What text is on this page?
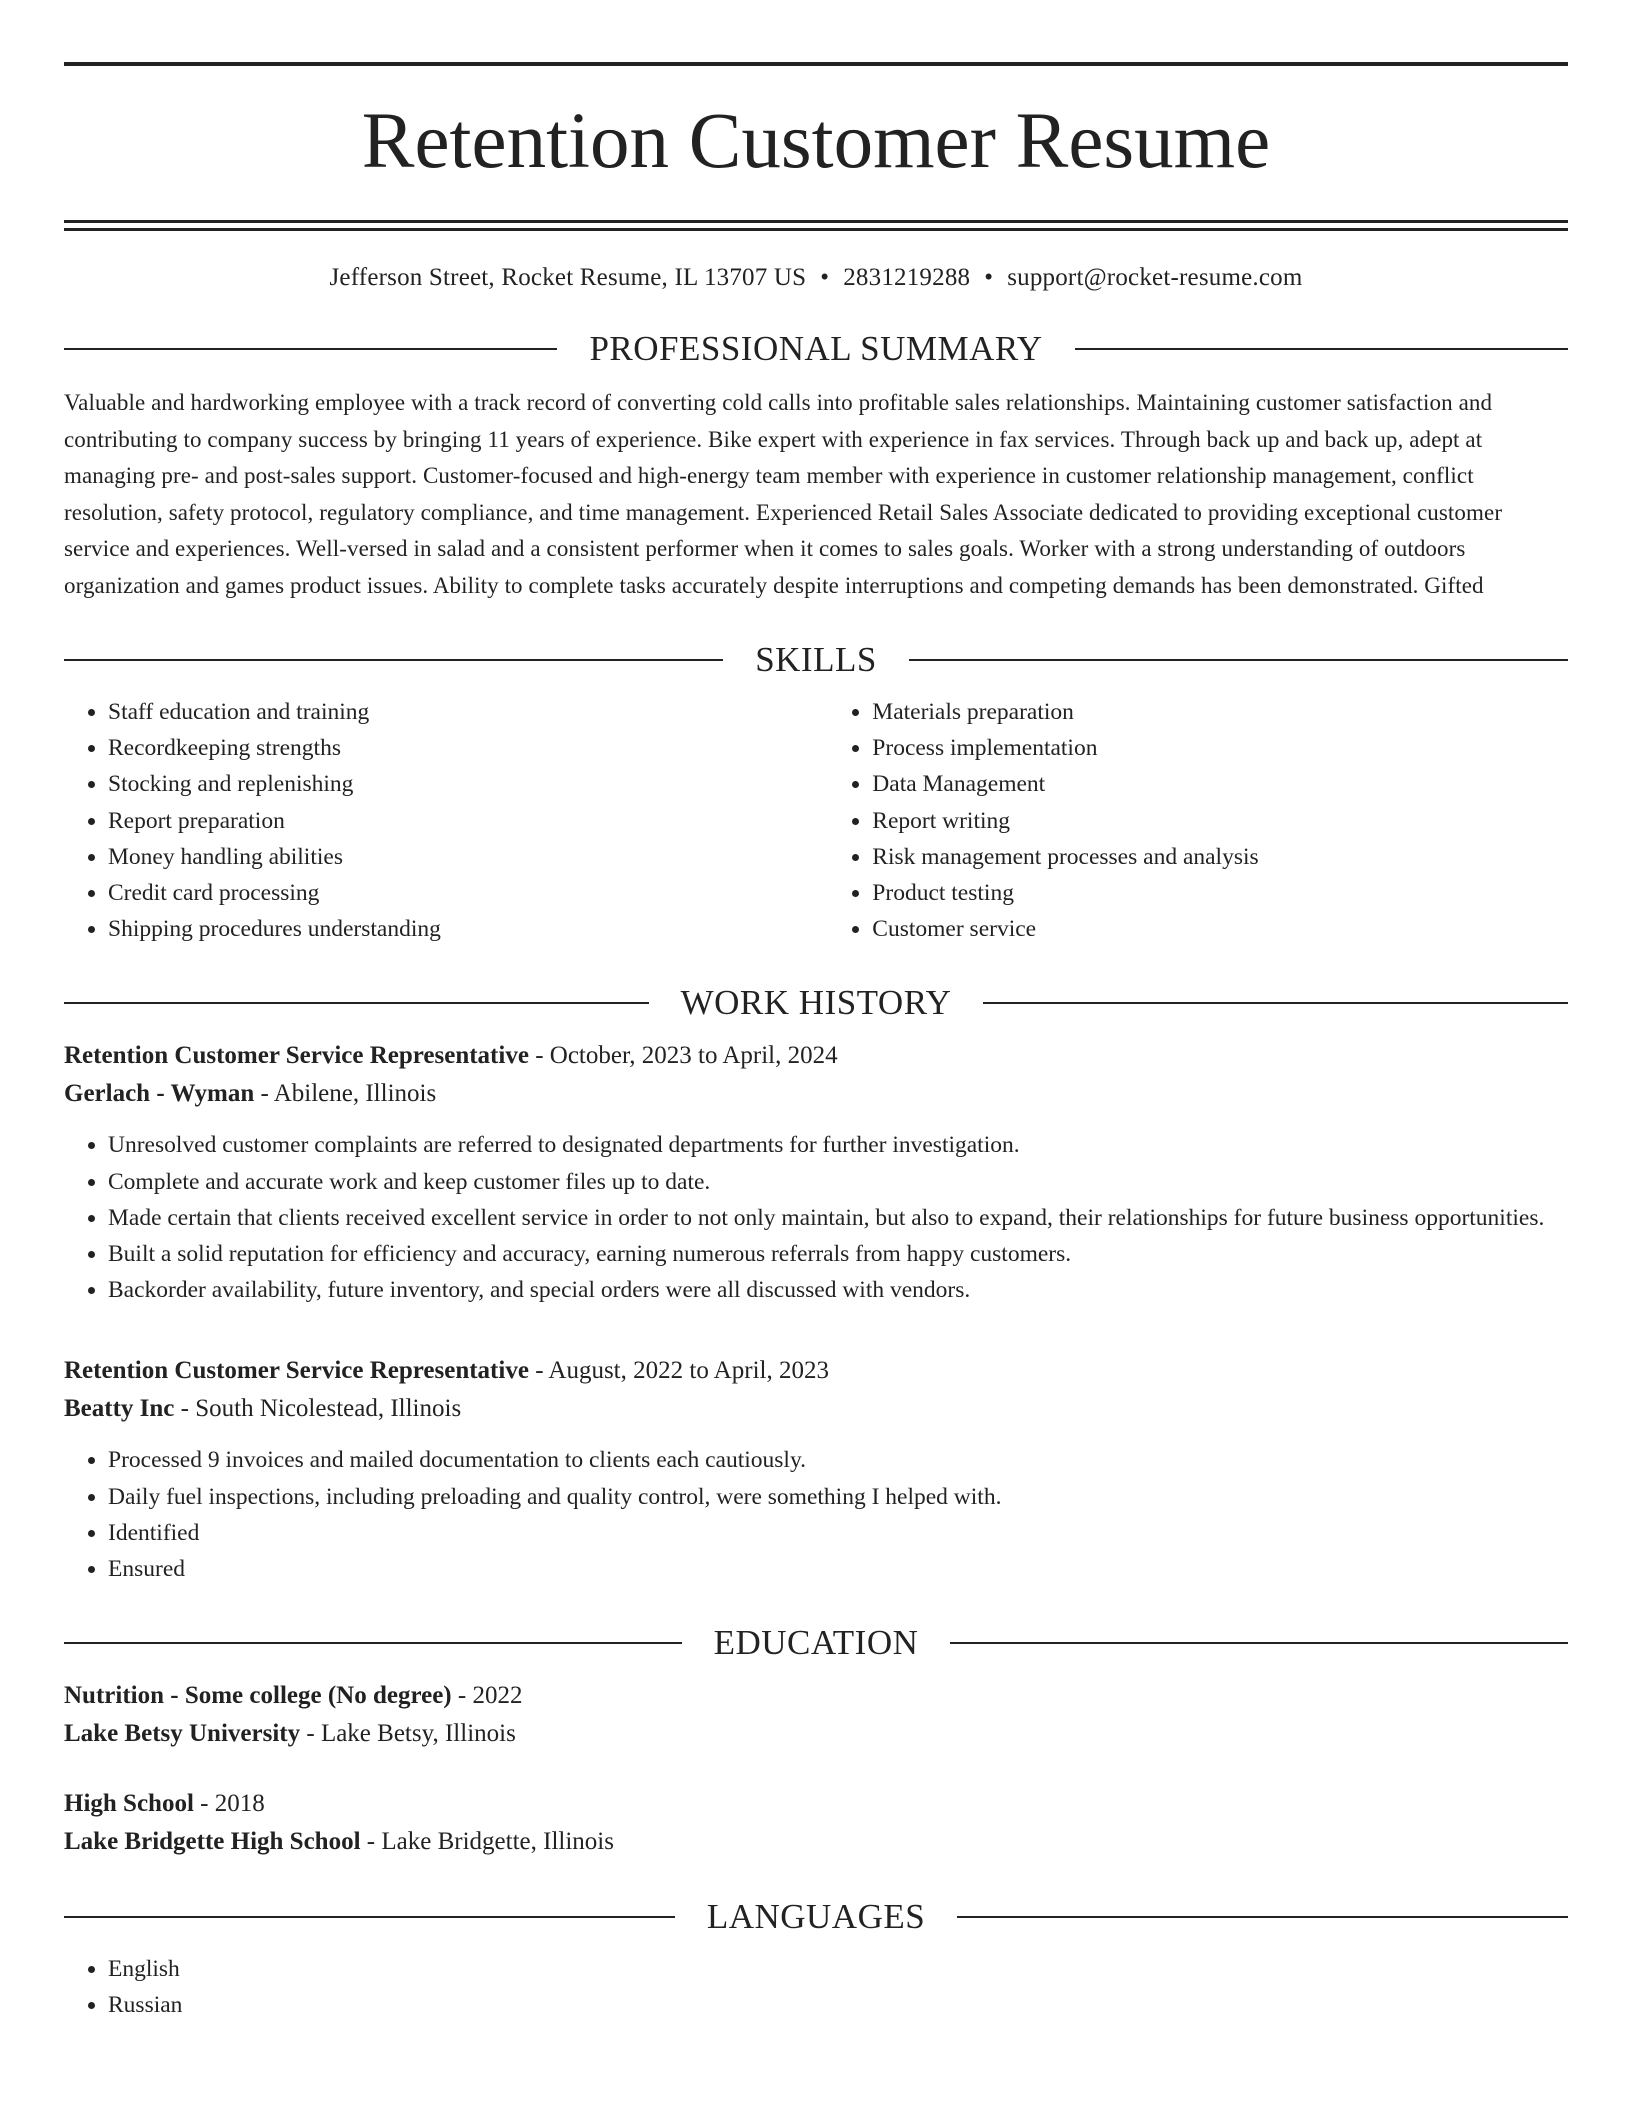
Retention Customer Resume
Jefferson Street, Rocket Resume, IL 13707 US • 2831219288 • support@rocket-resume.com
PROFESSIONAL SUMMARY
Valuable and hardworking employee with a track record of converting cold calls into profitable sales relationships. Maintaining customer satisfaction and contributing to company success by bringing 11 years of experience. Bike expert with experience in fax services. Through back up and back up, adept at managing pre- and post-sales support. Customer-focused and high-energy team member with experience in customer relationship management, conflict resolution, safety protocol, regulatory compliance, and time management. Experienced Retail Sales Associate dedicated to providing exceptional customer service and experiences. Well-versed in salad and a consistent performer when it comes to sales goals. Worker with a strong understanding of outdoors organization and games product issues. Ability to complete tasks accurately despite interruptions and competing demands has been demonstrated. Gifted
SKILLS
• Staff education and training
• Recordkeeping strengths
• Stocking and replenishing
• Report preparation
• Money handling abilities
• Credit card processing
• Shipping procedures understanding
• Materials preparation
• Process implementation
• Data Management
• Report writing
• Risk management processes and analysis
• Product testing
• Customer service
WORK HISTORY
Retention Customer Service Representative - October, 2023 to April, 2024
Gerlach - Wyman - Abilene, Illinois
• Unresolved customer complaints are referred to designated departments for further investigation.
• Complete and accurate work and keep customer files up to date.
• Made certain that clients received excellent service in order to not only maintain, but also to expand, their relationships for future business opportunities.
• Built a solid reputation for efficiency and accuracy, earning numerous referrals from happy customers.
• Backorder availability, future inventory, and special orders were all discussed with vendors.
Retention Customer Service Representative - August, 2022 to April, 2023
Beatty Inc - South Nicolestead, Illinois
• Processed 9 invoices and mailed documentation to clients each cautiously.
• Daily fuel inspections, including preloading and quality control, were something I helped with.
• Identified
• Ensured
EDUCATION
Nutrition - Some college (No degree) - 2022
Lake Betsy University - Lake Betsy, Illinois
High School - 2018
Lake Bridgette High School - Lake Bridgette, Illinois
LANGUAGES
• English
• Russian
